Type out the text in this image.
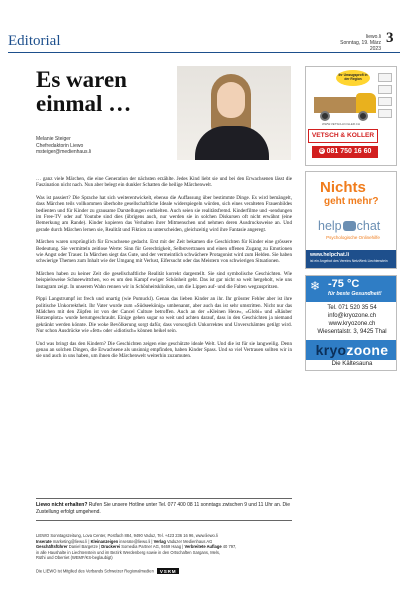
Editorial	liewo.li
Sonntag, 19. März 2023
3
Es waren einmal …
Melanie Steiger
Chefredaktorin Liewo
msteiger@medienhaus.li

… ganz viele Märchen, die eine Generation der nächsten erzählte. Jedes Kind liebt sie und bei den Erwachsenen lässt die Faszination nicht nach. Nun aber belegt ein dunkler Schatten die heilige Märchenwelt.

Was ist passiert? Die Sprache hat sich weiterentwickelt, ebenso die Auffassung über bestimmte Dinge. Es wird bemängelt, dass Märchen teils vollkommen überholte gesellschaftliche Ideale widerspiegeln würden, sich eines veralteten Frauenbildes bedienten und für Kinder zu grausame Darstellungen enthielten. Auch seien sie realitätsfremd. Kinderfilme und -sendungen im Free-TV oder auf Youtube sind dies (übrigens auch, nur werden sie in solchen Diskursen oft nicht erwähnt (eine Bemerkung am Rande). Kinder kopieren das Verhalten ihrer Mitmenschen und nehmen deren Ausdrucksweise an. Und gerade durch Märchen lernen sie, Realität und Fiktion zu unterscheiden, gleichzeitig wird ihre Fantasie angeregt.

Märchen waren ursprünglich für Erwachsene gedacht. Erst mit der Zeit bekamen die Geschichten für Kinder eine grössere Bedeutung. Sie vermitteln zeitlose Werte: Sinn für Gerechtigkeit, Selbstvertrauen und einen offenen Zugang zu Emotionen wie Angst oder Trauer. In Märchen siegt das Gute, und der vermeintlich schwächere Protagonist wird zum Helden. Sie haben schwierige Themen zum Inhalt wie der Umgang mit Verlust, Eifersucht oder das Meistern von schwierigen Situationen.

Märchen haben zu keiner Zeit die gesellschaftliche Realität korrekt dargestellt. Sie sind symbolische Geschichten. Wie beispielsweise Schneewittchen, wo es um den Kampf ewiger Schönheit geht. Das ist gar nicht so weit hergeholt, wie uns Instagram zeigt. In unserem Wahn rennen wir in Schönheitskliniken, um die Lippen auf- und die Falten wegzuspritzen.

Pippi Langstrumpf ist frech und unartig (wie Pumuckl). Genau das lieben Kinder an ihr. Ihr grösster Fehler aber ist ihre politische Unkorrektheit. Ihr Vater wurde zum «Südseekönig» umbenannt, aber auch das ist sehr umstritten. Nicht nur das Mädchen mit den Zöpfen ist von der Cancel Culture betroffen. Auch an der «Kleinen Hexe», «Globi» und «Räuber Hotzenplotz» wurde herumgeschraubt. Einige gehen sogar so weit und achten darauf, dass in den Geschichten ja niemand gekränkt werden könnte. Die woke Bevölkerung sorgt dafür, dass vorsorglich Unkorrektes und Unverschämtes getilgt wird. Nur schon Ausdrücke wie «fett» oder «idiotisch» können heikel sein.

Und was bringt das den Kindern? Die Geschichten zeigen eine geschützte ideale Welt. Und die ist für sie langweilig. Denn genau an solchen Dingen, die Erwachsene als unsinnig empfinden, haben Kinder Spass. Und so viel Vertrauen sollten wir in sie und auch in uns haben, um ihnen die Märchenwelt weiterhin zuzumuten.

Liewo nicht erhalten? Rufen Sie unsere Hotline unter Tel. 077 400 08 11 sonntags zwischen 9 und 11 Uhr an. Die Zustellung erfolgt umgehend.
LIEWO Sonntagszeitung, Lova Center, Postfach 884, 9490 Vaduz, Tel. +423 236 16 96, www.liewo.li
Inserate marketing@liewo.li | Kleinanzeigen inserate@liewo.li | Verlag Vaduzer Medienhaus AG
Geschäftsführer Daniel Bargetze | Druckerei Somedia Partner AG, 9469 Haag | Verbreitete Auflage 40 797,
in alle Haushalte in Liechtenstein und im Bezirk Werdenberg sowie in den Ortschaften Sargans, Mels,
Rüthi und Oberriet (WEMF/KS-beglaubigt)
Die LIEWO ist Mitglied des Verbands Schweizer Regionalmedien VSRM
Ihr Umzugsprofi in der Region
WWW.VETSCH-KOLLER.CH
VETSCH & KOLLER
✆ 081 750 16 60
Nichts
geht mehr?
help chat
Psychologische Onlinehilfe
www.helpchat.li
ist ein Angebot des Vereins NetzWerk Liechtenstein
❄ -75 °C
für beste Gesundheit!
Tel. 071 520 35 54
info@kryozone.ch
www.kryozone.ch
Wiesentalstr. 3, 9425 Thal
kryozoone
Die Kältesauna
